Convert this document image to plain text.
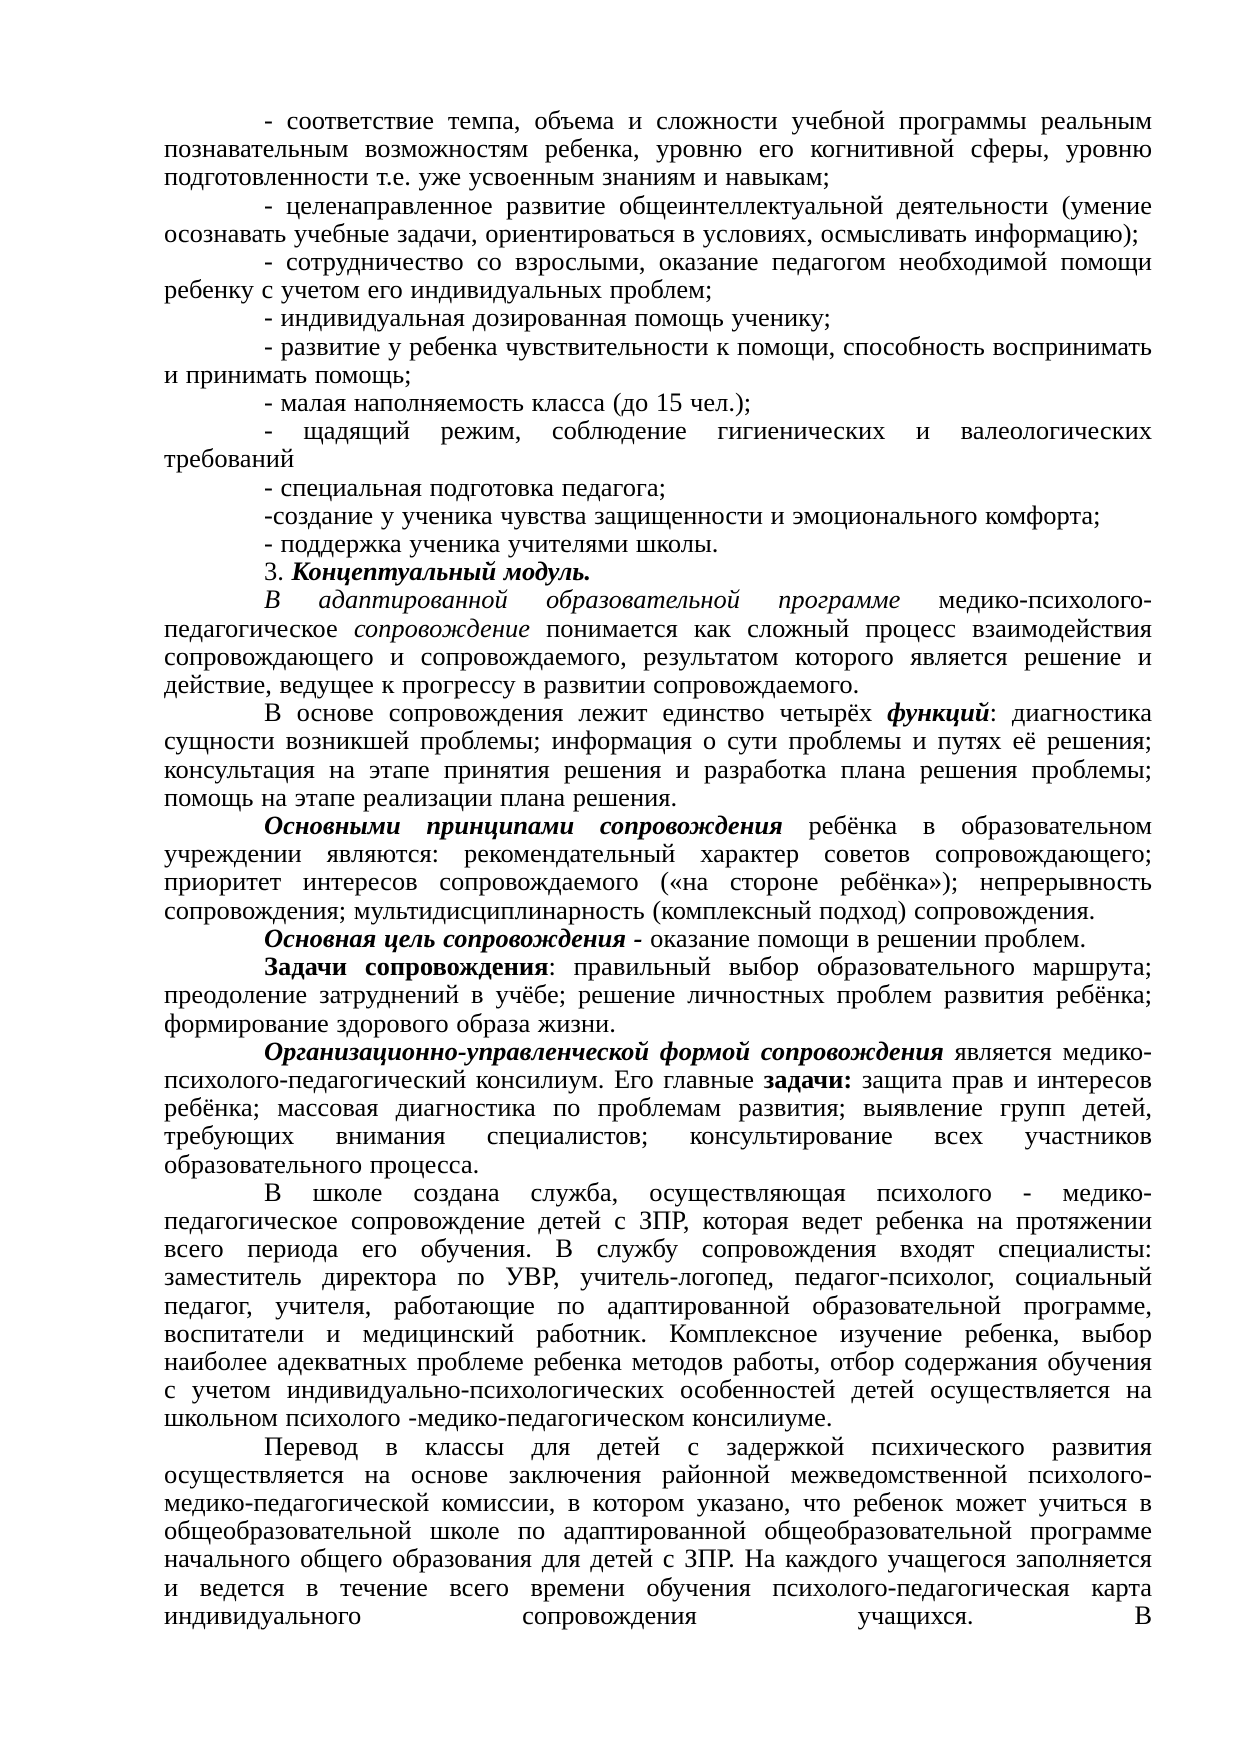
- соответствие темпа, объема и сложности учебной программы реальным познавательным возможностям ребенка, уровню его когнитивной сферы, уровню подготовленности т.е. уже усвоенным знаниям и навыкам;

- целенаправленное развитие общеинтеллектуальной деятельности (умение осознавать учебные задачи, ориентироваться в условиях, осмысливать информацию);

- сотрудничество со взрослыми, оказание педагогом необходимой помощи ребенку с учетом его индивидуальных проблем;

- индивидуальная дозированная помощь ученику;

- развитие у ребенка чувствительности к помощи, способность воспринимать и принимать помощь;

- малая наполняемость класса (до 15 чел.);

- щадящий режим, соблюдение гигиенических и валеологических требований

- специальная подготовка педагога;

-создание у ученика чувства защищенности и эмоционального комфорта;

- поддержка ученика учителями школы.

3. Концептуальный модуль.

В адаптированной образовательной программе медико-психолого-педагогическое сопровождение понимается как сложный процесс взаимодействия сопровождающего и сопровождаемого, результатом которого является решение и действие, ведущее к прогрессу в развитии сопровождаемого.

В основе сопровождения лежит единство четырёх функций: диагностика сущности возникшей проблемы; информация о сути проблемы и путях её решения; консультация на этапе принятия решения и разработка плана решения проблемы; помощь на этапе реализации плана решения.

Основными принципами сопровождения ребёнка в образовательном учреждении являются: рекомендательный характер советов сопровождающего; приоритет интересов сопровождаемого («на стороне ребёнка»); непрерывность сопровождения; мультидисциплинарность (комплексный подход) сопровождения.

Основная цель сопровождения - оказание помощи в решении проблем.

Задачи сопровождения: правильный выбор образовательного маршрута; преодоление затруднений в учёбе; решение личностных проблем развития ребёнка; формирование здорового образа жизни.

Организационно-управленческой формой сопровождения является медико-психолого-педагогический консилиум. Его главные задачи: защита прав и интересов ребёнка; массовая диагностика по проблемам развития; выявление групп детей, требующих внимания специалистов; консультирование всех участников образовательного процесса.

В школе создана служба, осуществляющая психолого - медико-педагогическое сопровождение детей с ЗПР, которая ведет ребенка на протяжении всего периода его обучения. В службу сопровождения входят специалисты: заместитель директора по УВР, учитель-логопед, педагог-психолог, социальный педагог, учителя, работающие по адаптированной образовательной программе, воспитатели и медицинский работник. Комплексное изучение ребенка, выбор наиболее адекватных проблеме ребенка методов работы, отбор содержания обучения с учетом индивидуально-психологических особенностей детей осуществляется на школьном психолого -медико-педагогическом консилиуме.

Перевод в классы для детей с задержкой психического развития осуществляется на основе заключения районной межведомственной психолого-медико-педагогической комиссии, в котором указано, что ребенок может учиться в общеобразовательной школе по адаптированной общеобразовательной программе начального общего образования для детей с ЗПР. На каждого учащегося заполняется и ведется в течение всего времени обучения психолого-педагогическая карта индивидуального сопровождения учащихся. В
